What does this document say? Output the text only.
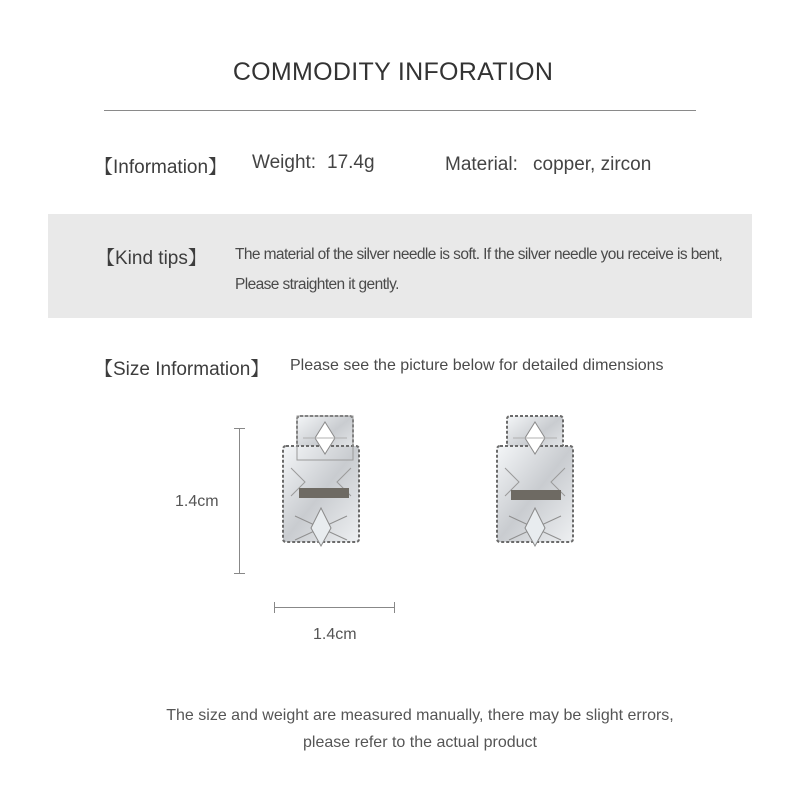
COMMODITY INFORATION
【Information】 Weight: 17.4g	Material: copper, zircon
【Kind tips】 The material of the silver needle is soft. If the silver needle you receive is bent,
Please straighten it gently.
【Size Information】 Please see the picture below for detailed dimensions
1.4cm
1.4cm
The size and weight are measured manually, there may be slight errors,
please refer to the actual product
